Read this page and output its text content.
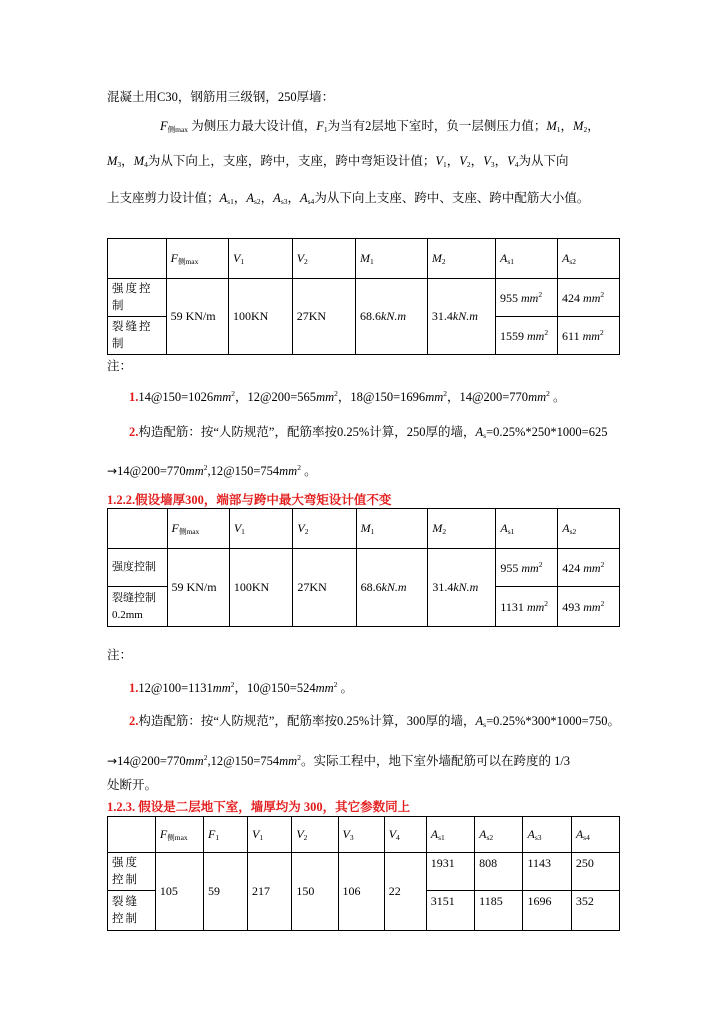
混凝土用C30，钢筋用三级钢，250厚墙：
$F_{侧max}$ 为侧压力最大设计值，$F_1$为当有2层地下室时，负一层侧压力值；$M_1$，$M_2$，
$M_3$，$M_4$为从下向上，支座，跨中，支座，跨中弯矩设计值；$V_1$，$V_2$，$V_3$，$V_4$为从下向
上支座剪力设计值；$A_{s1}$，$A_{s2}$，$A_{s3}$，$A_{s4}$为从下向上支座、跨中、支座、跨中配筋大小值。
	$F_{侧max}$	$V_1$	$V_2$	$M_1$	$M_2$	$A_{s1}$	$A_{s2}$
强度控制	59 KN/m	100KN	27KN	68.6kN.m	31.4kN.m	955 $mm^2$	424 $mm^2$
裂缝控制						1559 $mm^2$	611 $mm^2$
注：
$1.14@150=1026mm^2$，$12@200=565mm^2$，$18@150=1696mm^2$，$14@200=770mm^2$ 。
2.构造配筋：按“人防规范”，配筋率按0.25%计算，250厚的墙，$A_s=0.25\%*250*1000=625$
$\to 14@200=770mm^2,12@150=754mm^2$ 。
1.2.2.假设墙厚300，端部与跨中最大弯矩设计值不变
	$F_{侧max}$	$V_1$	$V_2$	$M_1$	$M_2$	$A_{s1}$	$A_{s2}$
强度控制	59 KN/m	100KN	27KN	68.6kN.m	31.4kN.m	955 $mm^2$	424 $mm^2$
裂缝控制
0.2mm						1131 $mm^2$	493 $mm^2$
注：
$1.12@100=1131mm^2$，$10@150=524mm^2$ 。
2.构造配筋：按“人防规范”，配筋率按0.25%计算，300厚的墙，$A_s=0.25\%*300*1000=750$。
$\to 14@200=770mm^2,12@150=754mm^2$。实际工程中，地下室外墙配筋可以在跨度的 1/3
处断开。
1.2.3. 假设是二层地下室，墙厚均为 300，其它参数同上
	$F_{侧max}$	$F_1$	$V_1$	$V_2$	$V_3$	$V_4$	$A_{s1}$	$A_{s2}$	$A_{s3}$	$A_{s4}$
强度控制	105	59	217	150	106	22	1931	808	1143	250
裂缝控制							3151	1185	1696	352
